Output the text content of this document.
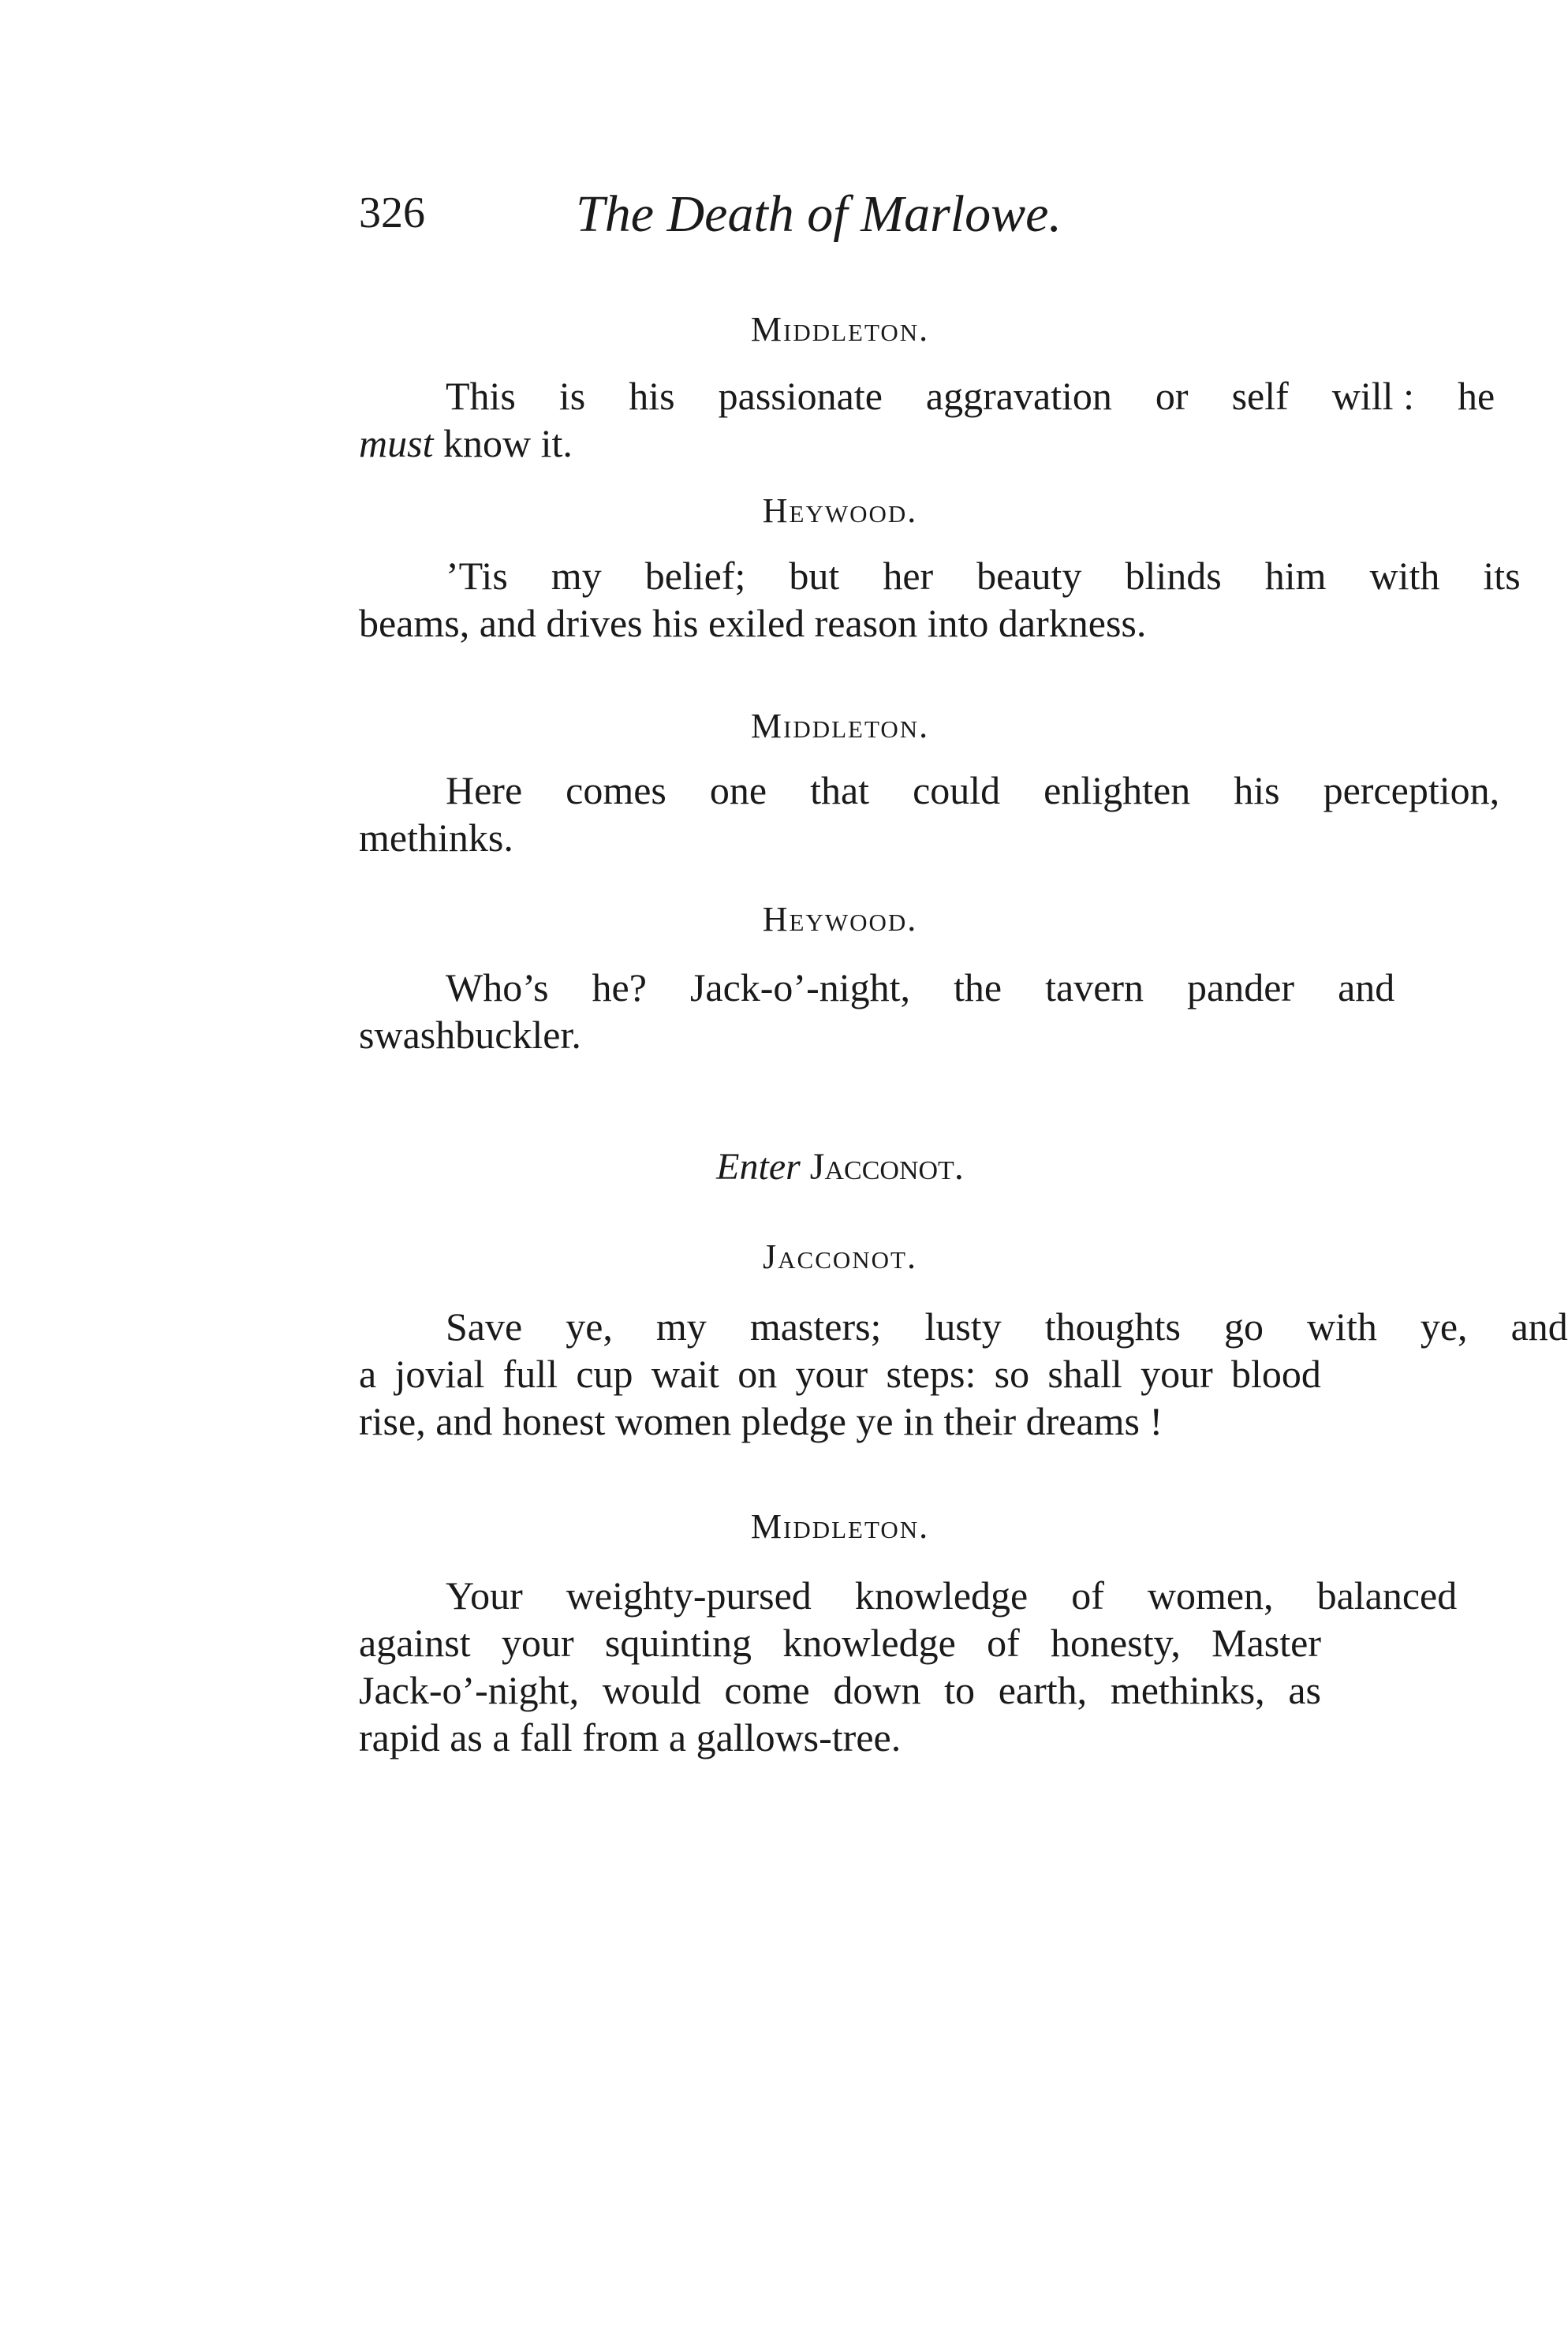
326	The Death of Marlowe.
Middleton.
This	is	his	passionate	aggravation	or	self	will :	he
must know it.
Heywood.
’Tis	my	belief;	but	her	beauty	blinds	him	with	its
beams, and drives his exiled reason into darkness.
Middleton.
Here	comes	one	that	could	enlighten	his	perception,
methinks.
Heywood.
Who’s	he?	Jack-o’-night,	the	tavern	pander	and
swashbuckler.
Enter Jacconot.
Jacconot.
Save	ye,	my	masters;	lusty	thoughts	go	with	ye,	and
a jovial full cup wait on your steps: so shall your blood
rise, and honest women pledge ye in their dreams !
Middleton.
Your	weighty-pursed	knowledge	of	women,	balanced
against your squinting knowledge of honesty, Master
Jack-o’-night, would come down to earth, methinks, as
rapid as a fall from a gallows-tree.
